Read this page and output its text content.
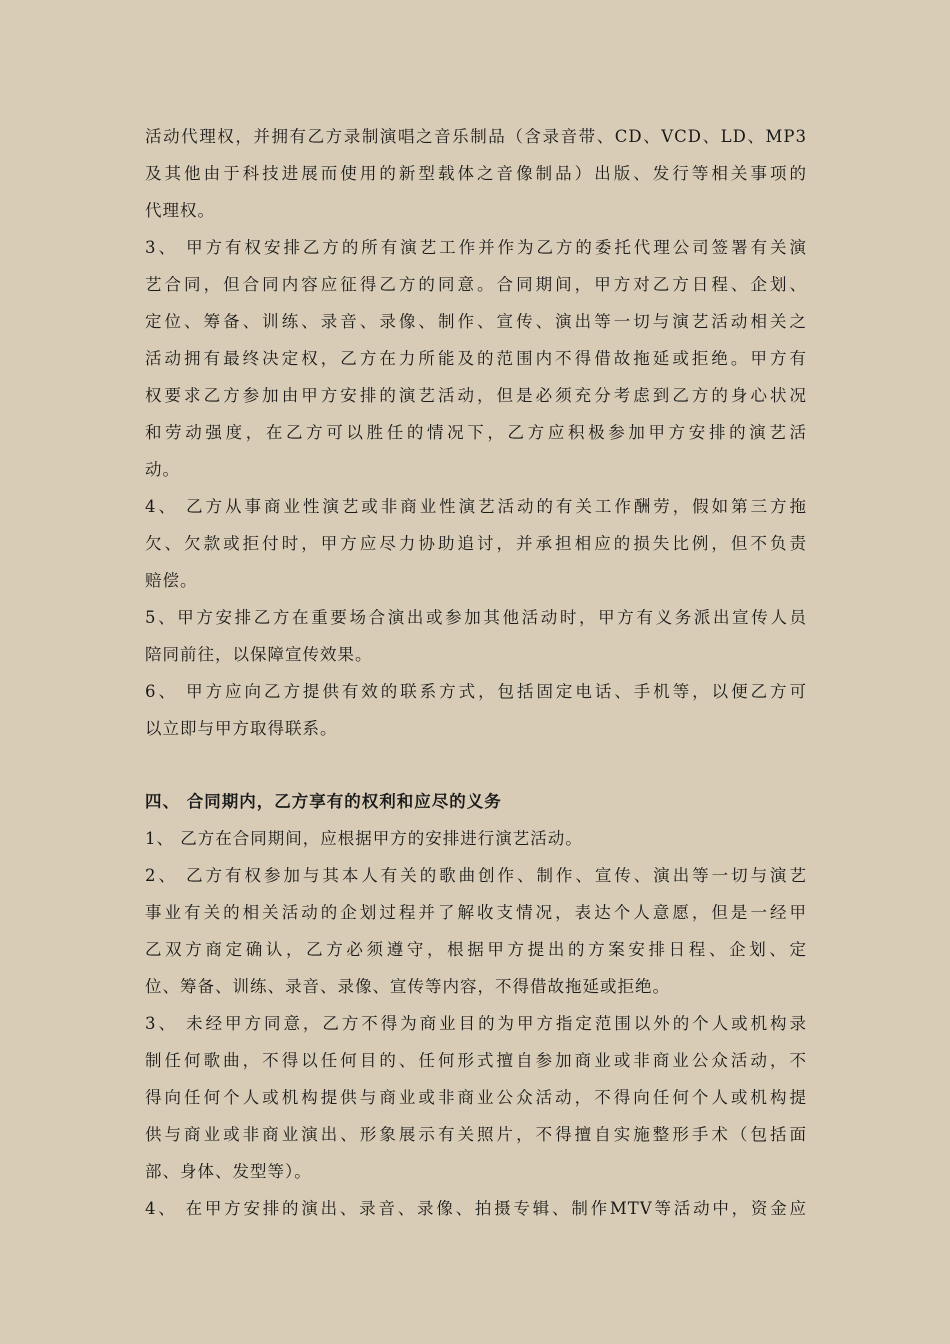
活动代理权，并拥有乙方录制演唱之音乐制品（含录音带、CD、VCD、LD、MP3
及其他由于科技进展而使用的新型载体之音像制品）出版、发行等相关事项的
代理权。
3、 甲方有权安排乙方的所有演艺工作并作为乙方的委托代理公司签署有关演
艺合同，但合同内容应征得乙方的同意。合同期间，甲方对乙方日程、企划、
定位、筹备、训练、录音、录像、制作、宣传、演出等一切与演艺活动相关之
活动拥有最终决定权，乙方在力所能及的范围内不得借故拖延或拒绝。甲方有
权要求乙方参加由甲方安排的演艺活动，但是必须充分考虑到乙方的身心状况
和劳动强度，在乙方可以胜任的情况下，乙方应积极参加甲方安排的演艺活
动。
4、 乙方从事商业性演艺或非商业性演艺活动的有关工作酬劳，假如第三方拖
欠、欠款或拒付时，甲方应尽力协助追讨，并承担相应的损失比例，但不负责
赔偿。
5、甲方安排乙方在重要场合演出或参加其他活动时，甲方有义务派出宣传人员
陪同前往，以保障宣传效果。
6、 甲方应向乙方提供有效的联系方式，包括固定电话、手机等，以便乙方可
以立即与甲方取得联系。
四、 合同期内，乙方享有的权利和应尽的义务
1、 乙方在合同期间，应根据甲方的安排进行演艺活动。
2、 乙方有权参加与其本人有关的歌曲创作、制作、宣传、演出等一切与演艺
事业有关的相关活动的企划过程并了解收支情况，表达个人意愿，但是一经甲
乙双方商定确认，乙方必须遵守，根据甲方提出的方案安排日程、企划、定
位、筹备、训练、录音、录像、宣传等内容，不得借故拖延或拒绝。
3、 未经甲方同意，乙方不得为商业目的为甲方指定范围以外的个人或机构录
制任何歌曲，不得以任何目的、任何形式擅自参加商业或非商业公众活动，不
得向任何个人或机构提供与商业或非商业公众活动，不得向任何个人或机构提
供与商业或非商业演出、形象展示有关照片，不得擅自实施整形手术（包括面
部、身体、发型等）。
4、 在甲方安排的演出、录音、录像、拍摄专辑、制作MTV等活动中，资金应
